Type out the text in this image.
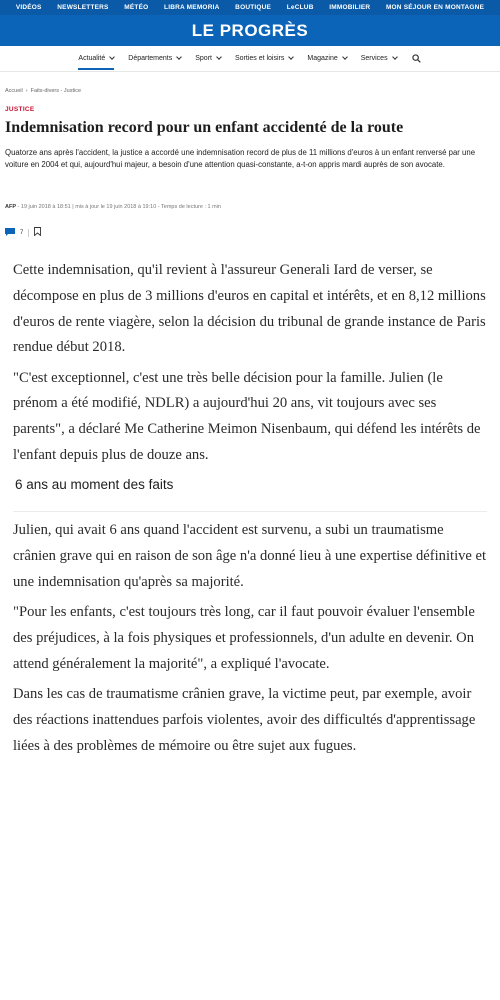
VIDÉOS NEWSLETTERS MÉTÉO LIBRA MEMORIA BOUTIQUE LeCLUB IMMOBILIER MON SÉJOUR EN MONTAGNE
LE PROGRÈS
Actualité	Départements	Sport	Sorties et loisirs	Magazine	Services
Accueil › Faits-divers - Justice
JUSTICE
Indemnisation record pour un enfant accidenté de la route

Quatorze ans après l'accident, la justice a accordé une indemnisation record de plus de 11 millions d'euros à un enfant renversé par une voiture en 2004 et qui, aujourd'hui majeur, a besoin d'une attention quasi-constante, a-t-on appris mardi auprès de son avocate.

AFP - 19 juin 2018 à 18:51 | mis à jour le 19 juin 2018 à 19:10 - Temps de lecture : 1 min
7

Cette indemnisation, qu'il revient à l'assureur Generali Iard de verser, se décompose en plus de 3 millions d'euros en capital et intérêts, et en 8,12 millions d'euros de rente viagère, selon la décision du tribunal de grande instance de Paris rendue début 2018.

"C'est exceptionnel, c'est une très belle décision pour la famille. Julien (le prénom a été modifié, NDLR) a aujourd'hui 20 ans, vit toujours avec ses parents", a déclaré Me Catherine Meimon Nisenbaum, qui défend les intérêts de l'enfant depuis plus de douze ans.

6 ans au moment des faits

Julien, qui avait 6 ans quand l'accident est survenu, a subi un traumatisme crânien grave qui en raison de son âge n'a donné lieu à une expertise définitive et une indemnisation qu'après sa majorité.

"Pour les enfants, c'est toujours très long, car il faut pouvoir évaluer l'ensemble des préjudices, à la fois physiques et professionnels, d'un adulte en devenir. On attend généralement la majorité", a expliqué l'avocate.

Dans les cas de traumatisme crânien grave, la victime peut, par exemple, avoir des réactions inattendues parfois violentes, avoir des difficultés d'apprentissage liées à des problèmes de mémoire ou être sujet aux fugues.
